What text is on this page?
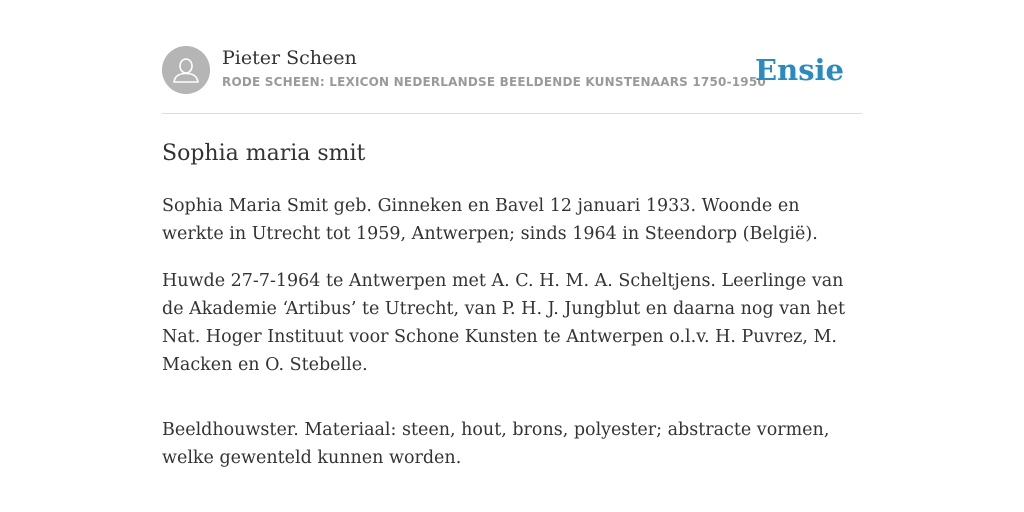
Pieter Scheen
RODE SCHEEN: LEXICON NEDERLANDSE BEELDENDE KUNSTENAARS 1750-1950
Ensie
Sophia maria smit

Sophia Maria Smit geb. Ginneken en Bavel 12 januari 1933. Woonde en werkte in Utrecht tot 1959, Antwerpen; sinds 1964 in Steendorp (België).

Huwde 27-7-1964 te Antwerpen met A. C. H. M. A. Scheltjens. Leerlinge van de Akademie ‘Artibus’ te Utrecht, van P. H. J. Jungblut en daarna nog van het Nat. Hoger Instituut voor Schone Kunsten te Antwerpen o.l.v. H. Puvrez, M. Macken en O. Stebelle.

Beeldhouwster. Materiaal: steen, hout, brons, polyester; abstracte vormen, welke gewenteld kunnen worden.
